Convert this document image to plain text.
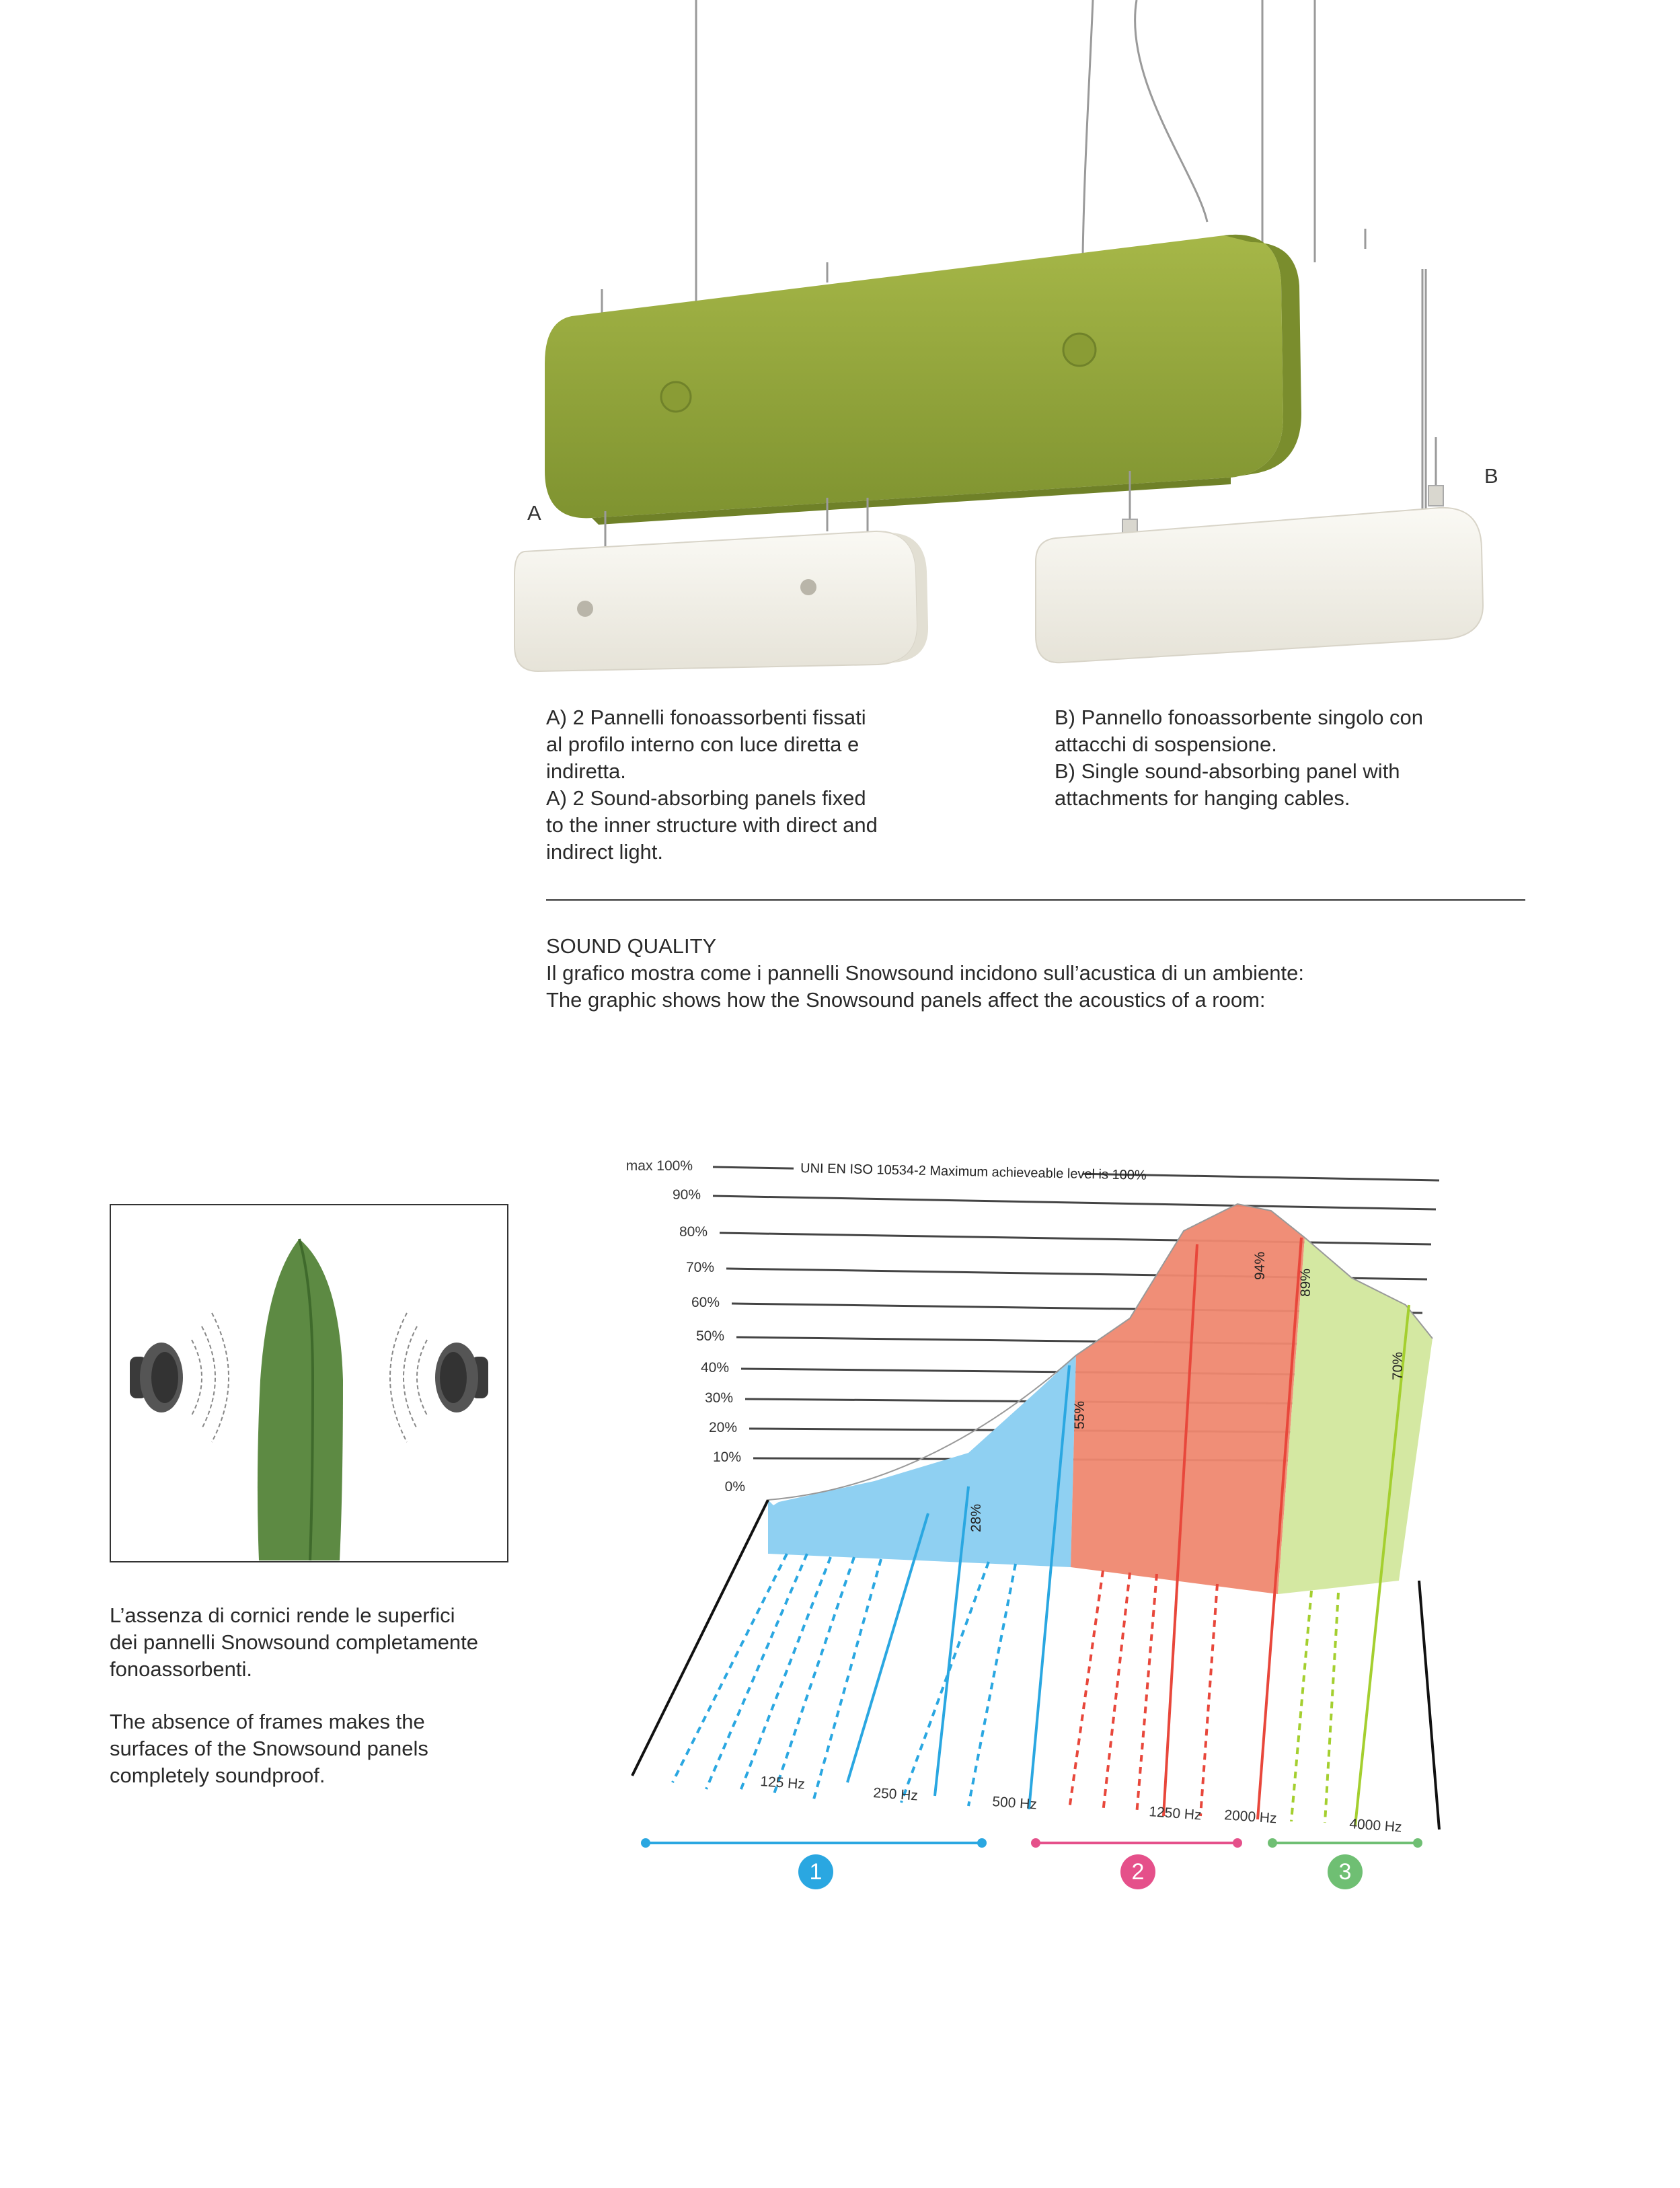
A
B
A) 2 Pannelli fonoassorbenti fissati
al profilo interno con luce diretta e
indiretta.
A) 2 Sound-absorbing panels fixed
to the inner structure with direct and
indirect light.
B) Pannello fonoassorbente singolo con
attacchi di sospensione.
B) Single sound-absorbing panel with
attachments for hanging cables.
SOUND QUALITY
Il grafico mostra come i pannelli Snowsound incidono sull’acustica di un ambiente:
The graphic shows how the Snowsound panels affect the acoustics of a room:
L’assenza di cornici rende le superfici
dei pannelli Snowsound completamente
fonoassorbenti.
The absence of frames makes the
surfaces of the Snowsound panels
completely soundproof.
max 100%
90%
80%
70%
60%
50%
40%
30%
20%
10%
0%
UNI EN ISO 10534-2 Maximum achieveable level is 100%
28%
55%
94%
89%
70%
125 Hz
250 Hz	500 Hz
1250 Hz 2000 Hz	4000 Hz
1	2	3
